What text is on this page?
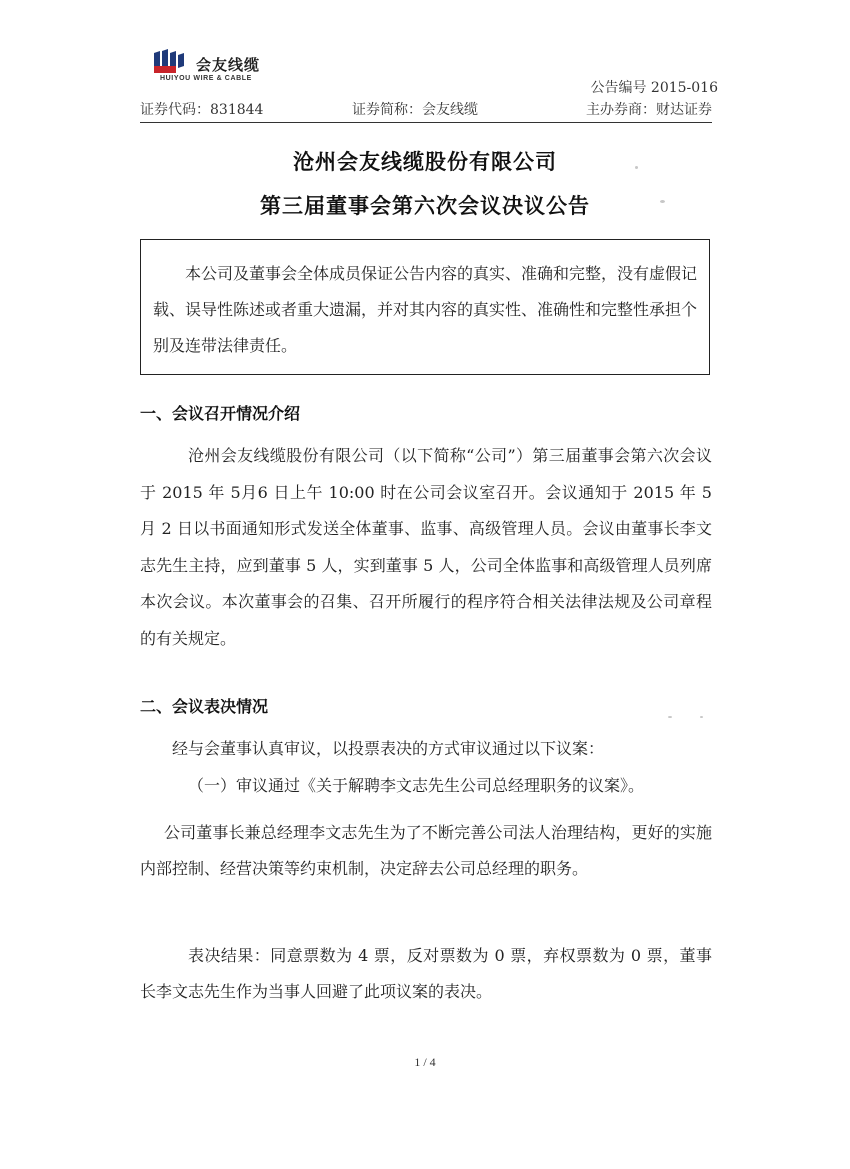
会友线缆
HUIYOU WIRE & CABLE
公告编号 2015-016
证券代码：831844	证券简称：会友线缆	主办券商：财达证券
沧州会友线缆股份有限公司
第三届董事会第六次会议决议公告
本公司及董事会全体成员保证公告内容的真实、准确和完整，没有虚假记载、误导性陈述或者重大遗漏，并对其内容的真实性、准确性和完整性承担个别及连带法律责任。
一、会议召开情况介绍
沧州会友线缆股份有限公司（以下简称“公司”）第三届董事会第六次会议于 2015 年 5月6 日上午 10:00 时在公司会议室召开。会议通知于 2015 年 5 月 2 日以书面通知形式发送全体董事、监事、高级管理人员。会议由董事长李文志先生主持，应到董事 5 人，实到董事 5 人，公司全体监事和高级管理人员列席本次会议。本次董事会的召集、召开所履行的程序符合相关法律法规及公司章程的有关规定。
二、会议表决情况
经与会董事认真审议，以投票表决的方式审议通过以下议案：
（一）审议通过《关于解聘李文志先生公司总经理职务的议案》。
公司董事长兼总经理李文志先生为了不断完善公司法人治理结构，更好的实施内部控制、经营决策等约束机制，决定辞去公司总经理的职务。
表决结果：同意票数为 4 票，反对票数为 0 票，弃权票数为 0 票，董事长李文志先生作为当事人回避了此项议案的表决。
1 / 4
